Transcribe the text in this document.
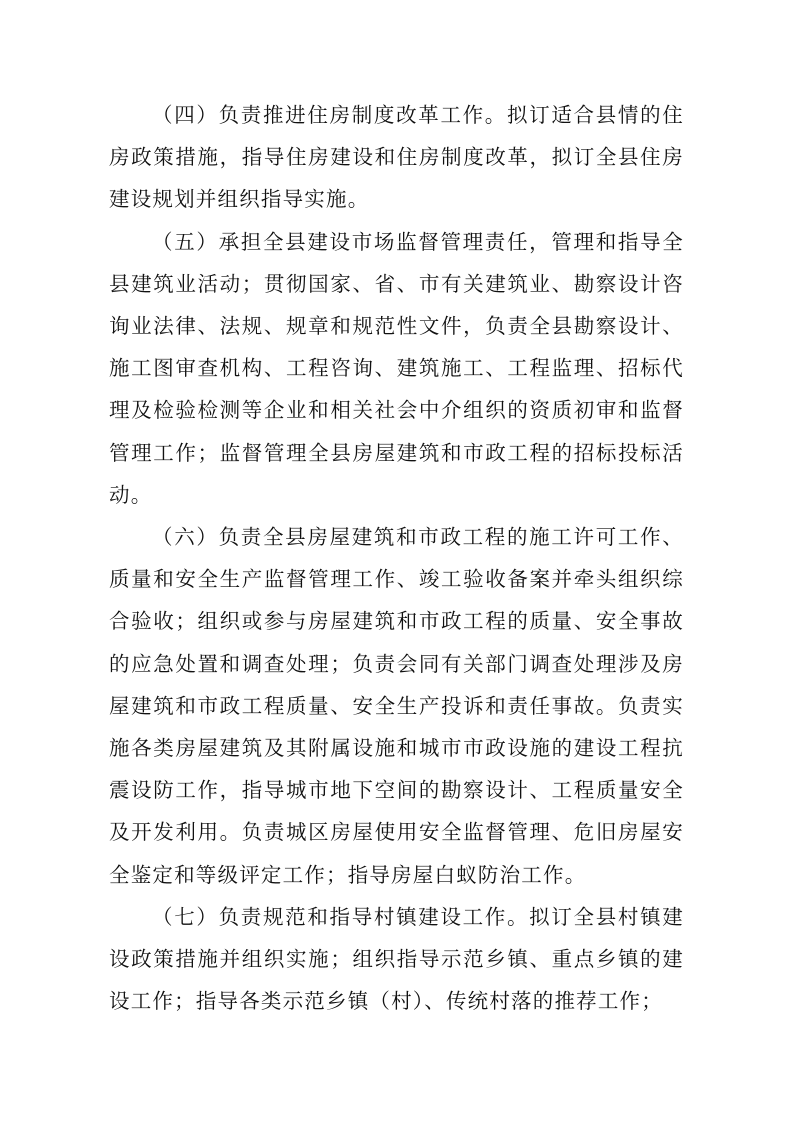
（四）负责推进住房制度改革工作。拟订适合县情的住房政策措施，指导住房建设和住房制度改革，拟订全县住房建设规划并组织指导实施。

（五）承担全县建设市场监督管理责任，管理和指导全县建筑业活动；贯彻国家、省、市有关建筑业、勘察设计咨询业法律、法规、规章和规范性文件，负责全县勘察设计、施工图审查机构、工程咨询、建筑施工、工程监理、招标代理及检验检测等企业和相关社会中介组织的资质初审和监督管理工作；监督管理全县房屋建筑和市政工程的招标投标活动。

（六）负责全县房屋建筑和市政工程的施工许可工作、质量和安全生产监督管理工作、竣工验收备案并牵头组织综合验收；组织或参与房屋建筑和市政工程的质量、安全事故的应急处置和调查处理；负责会同有关部门调查处理涉及房屋建筑和市政工程质量、安全生产投诉和责任事故。负责实施各类房屋建筑及其附属设施和城市市政设施的建设工程抗震设防工作，指导城市地下空间的勘察设计、工程质量安全及开发利用。负责城区房屋使用安全监督管理、危旧房屋安全鉴定和等级评定工作；指导房屋白蚁防治工作。

（七）负责规范和指导村镇建设工作。拟订全县村镇建设政策措施并组织实施；组织指导示范乡镇、重点乡镇的建设工作；指导各类示范乡镇（村）、传统村落的推荐工作；
